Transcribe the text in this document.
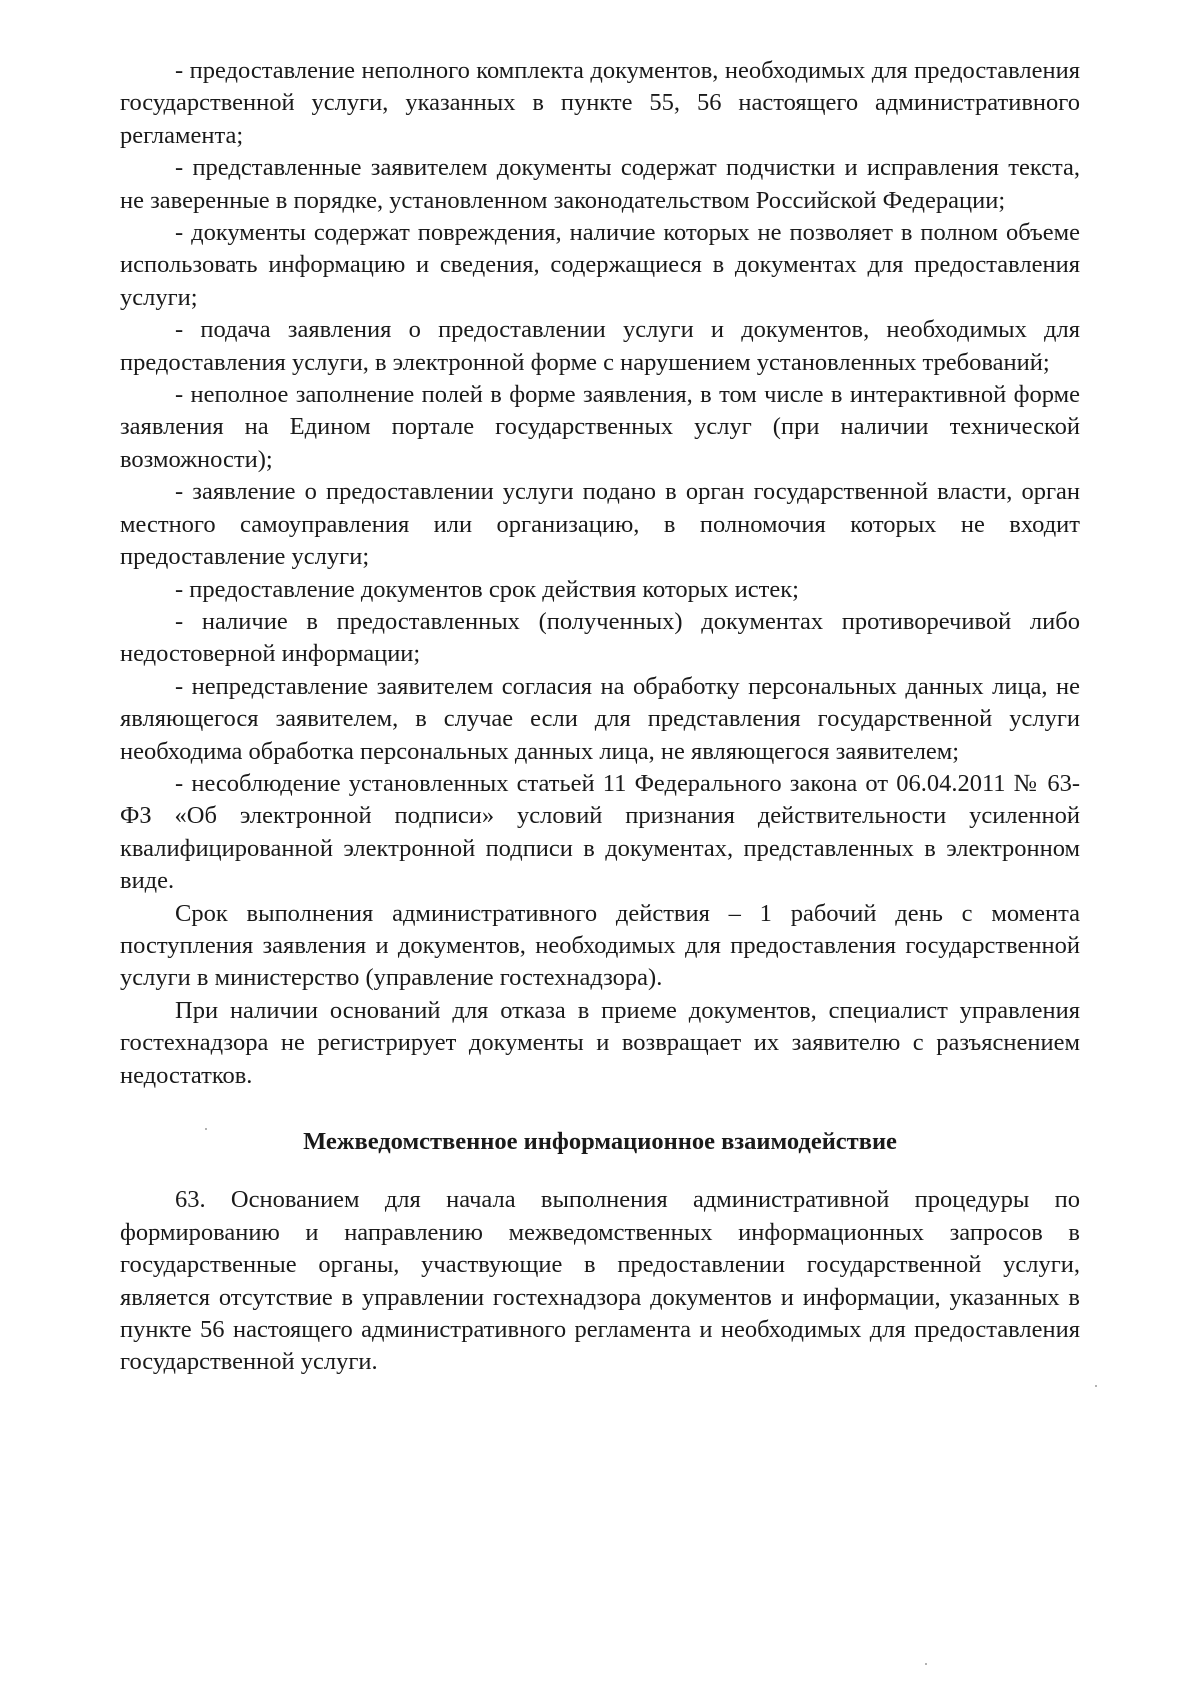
- предоставление неполного комплекта документов, необходимых для предоставления государственной услуги, указанных в пункте 55, 56 настоящего административного регламента;

- представленные заявителем документы содержат подчистки и исправления текста, не заверенные в порядке, установленном законодательством Российской Федерации;

- документы содержат повреждения, наличие которых не позволяет в полном объеме использовать информацию и сведения, содержащиеся в документах для предоставления услуги;

- подача заявления о предоставлении услуги и документов, необходимых для предоставления услуги, в электронной форме с нарушением установленных требований;

- неполное заполнение полей в форме заявления, в том числе в интерактивной форме заявления на Едином портале государственных услуг (при наличии технической возможности);

- заявление о предоставлении услуги подано в орган государственной власти, орган местного самоуправления или организацию, в полномочия которых не входит предоставление услуги;

- предоставление документов срок действия которых истек;

- наличие в предоставленных (полученных) документах противоречивой либо недостоверной информации;

- непредставление заявителем согласия на обработку персональных данных лица, не являющегося заявителем, в случае если для представления государственной услуги необходима обработка персональных данных лица, не являющегося заявителем;

- несоблюдение установленных статьей 11 Федерального закона от 06.04.2011 № 63-ФЗ «Об электронной подписи» условий признания действительности усиленной квалифицированной электронной подписи в документах, представленных в электронном виде.

Срок выполнения административного действия – 1 рабочий день с момента поступления заявления и документов, необходимых для предоставления государственной услуги в министерство (управление гостехнадзора).

При наличии оснований для отказа в приеме документов, специалист управления гостехнадзора не регистрирует документы и возвращает их заявителю с разъяснением недостатков.

Межведомственное информационное взаимодействие

63. Основанием для начала выполнения административной процедуры по формированию и направлению межведомственных информационных запросов в государственные органы, участвующие в предоставлении государственной услуги, является отсутствие в управлении гостехнадзора документов и информации, указанных в пункте 56 настоящего административного регламента и необходимых для предоставления государственной услуги.
